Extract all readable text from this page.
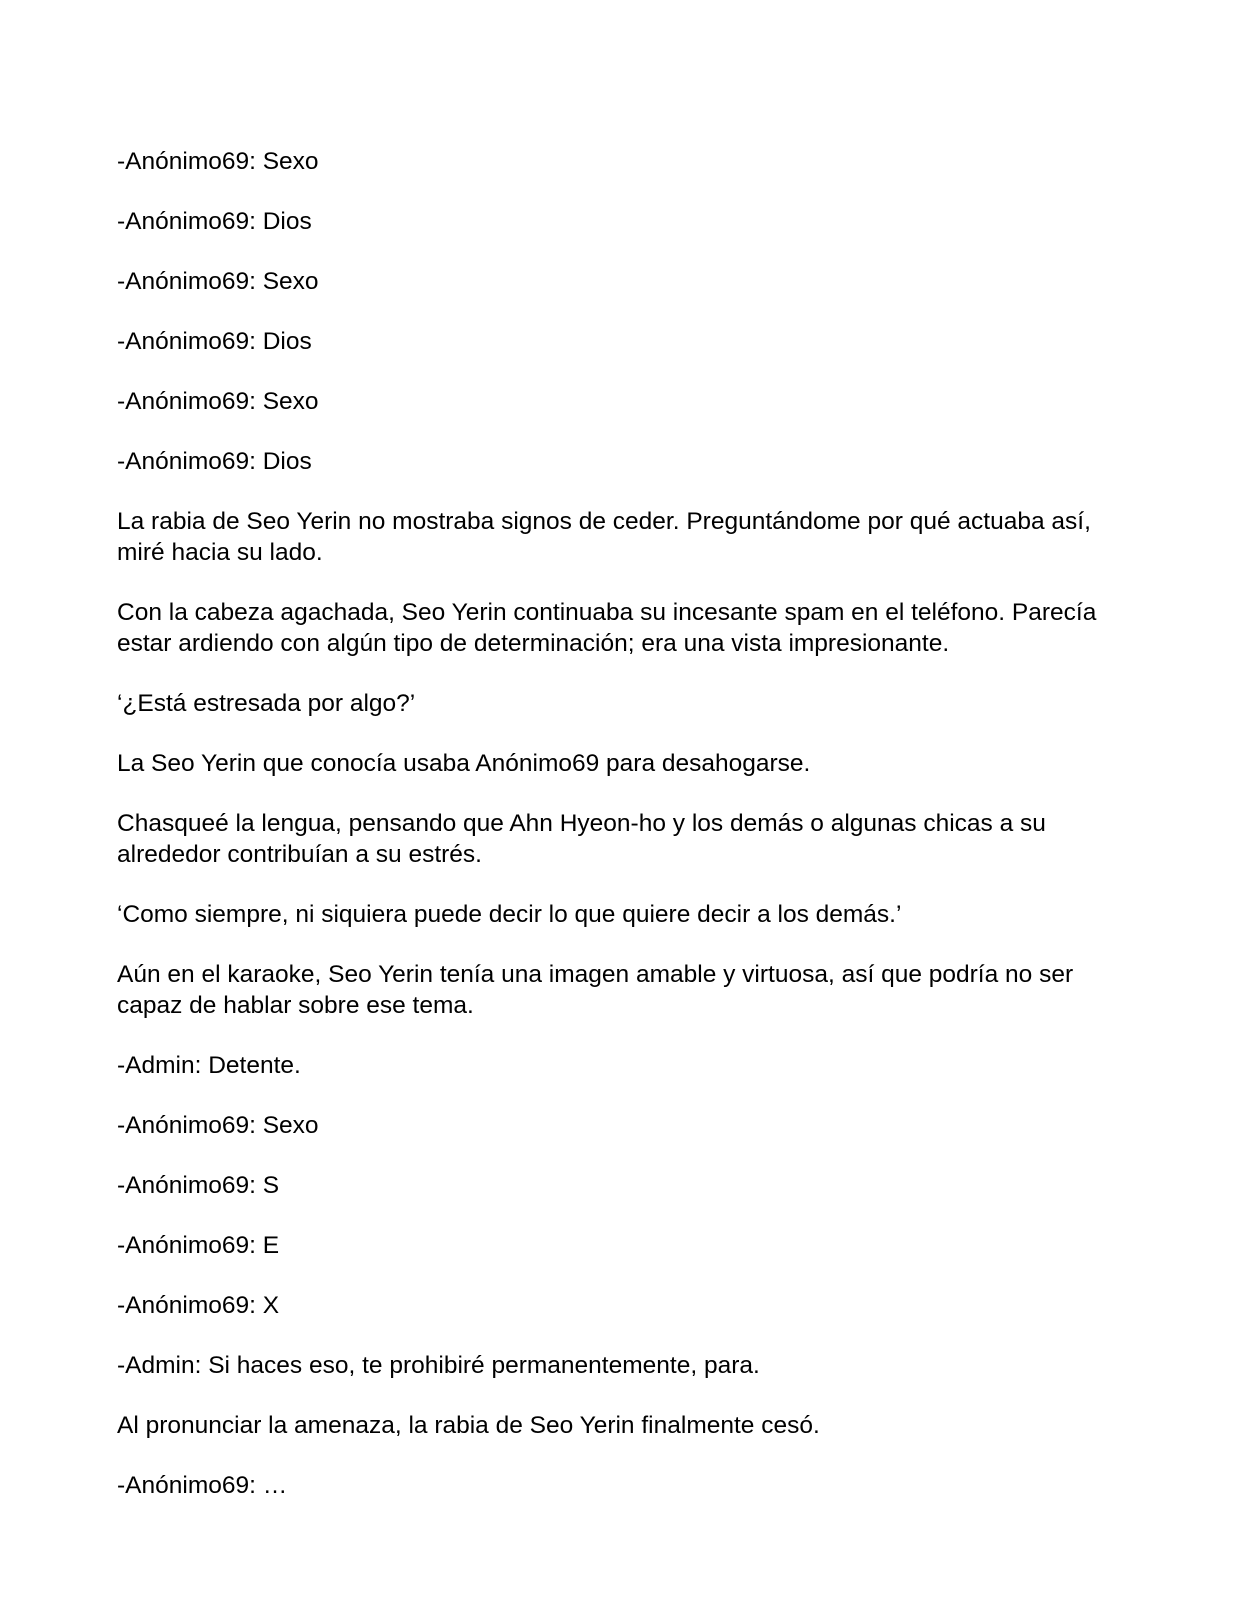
-Anónimo69: Sexo

-Anónimo69: Dios

-Anónimo69: Sexo

-Anónimo69: Dios

-Anónimo69: Sexo

-Anónimo69: Dios

La rabia de Seo Yerin no mostraba signos de ceder. Preguntándome por qué actuaba así, miré hacia su lado.

Con la cabeza agachada, Seo Yerin continuaba su incesante spam en el teléfono. Parecía estar ardiendo con algún tipo de determinación; era una vista impresionante.

‘¿Está estresada por algo?’

La Seo Yerin que conocía usaba Anónimo69 para desahogarse.

Chasqueé la lengua, pensando que Ahn Hyeon-ho y los demás o algunas chicas a su alrededor contribuían a su estrés.

‘Como siempre, ni siquiera puede decir lo que quiere decir a los demás.’

Aún en el karaoke, Seo Yerin tenía una imagen amable y virtuosa, así que podría no ser capaz de hablar sobre ese tema.

-Admin: Detente.

-Anónimo69: Sexo

-Anónimo69: S

-Anónimo69: E

-Anónimo69: X

-Admin: Si haces eso, te prohibiré permanentemente, para.

Al pronunciar la amenaza, la rabia de Seo Yerin finalmente cesó.

-Anónimo69: …
